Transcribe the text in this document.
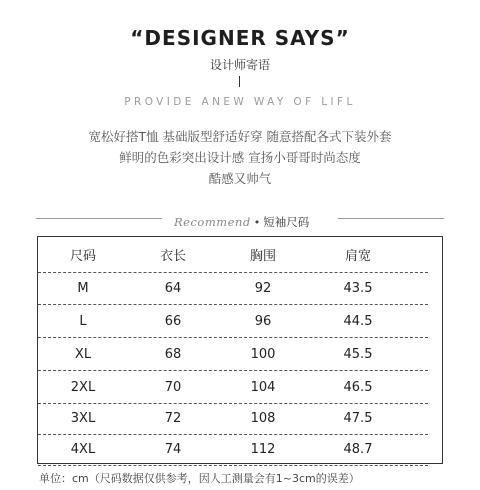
“DESIGNER SAYS”
设计师寄语
PROVIDE ANEW WAY OF LIFL
宽松好搭T恤 基础版型舒适好穿 随意搭配各式下装外套
鲜明的色彩突出设计感 宣扬小哥哥时尚态度
酷感又帅气
Recommend • 短袖尺码
尺码	衣长	胸围	肩宽
M	64	92	43.5
L	66	96	44.5
XL	68	100	45.5
2XL	70	104	46.5
3XL	72	108	47.5
4XL	74	112	48.7
单位：cm（尺码数据仅供参考，因人工测量会有1~3cm的误差）
